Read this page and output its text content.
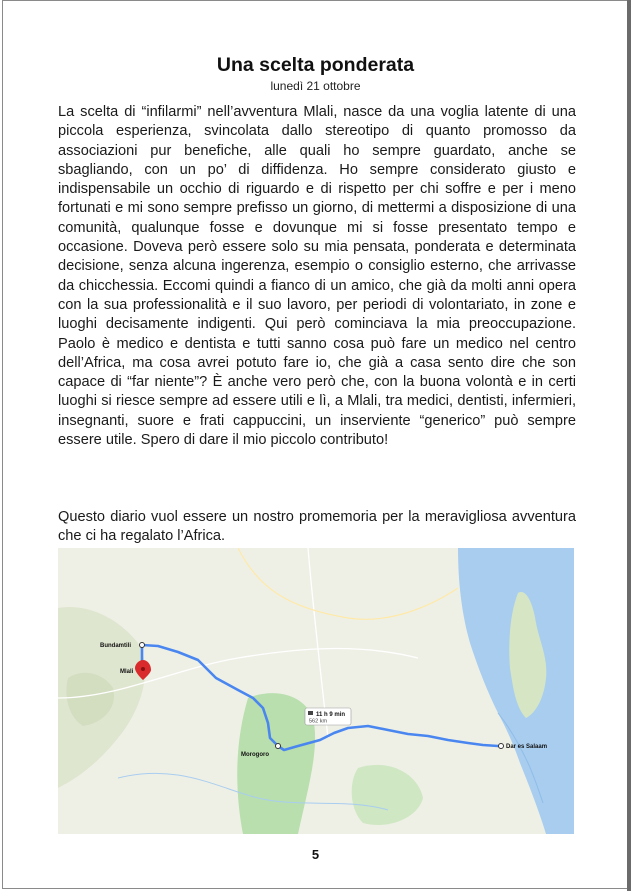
Una scelta ponderata
lunedì 21 ottobre
La scelta di “infilarmi” nell’avventura Mlali, nasce da una voglia latente di una piccola esperienza, svincolata dallo stereotipo di quanto promosso da associazioni pur benefiche, alle quali ho sempre guardato, anche se sbagliando, con un po’ di diffidenza. Ho sempre considerato giusto e indispensabile un occhio di riguardo e di rispetto per chi soffre e per i meno fortunati e mi sono sempre prefisso un giorno, di mettermi a disposizione di una comunità, qualunque fosse e dovunque mi si fosse presentato tempo e occasione. Doveva però essere solo su mia pensata, ponderata e determinata decisione, senza alcuna ingerenza, esempio o consiglio esterno, che arrivasse da chicchessia. Eccomi quindi a fianco di un amico, che già da molti anni opera con la sua professionalità e il suo lavoro, per periodi di volontariato, in zone e luoghi decisamente indigenti. Qui però cominciava la mia preoccupazione. Paolo è medico e dentista e tutti sanno cosa può fare un medico nel centro dell’Africa, ma cosa avrei potuto fare io, che già a casa sento dire che son capace di “far niente”? È anche vero però che, con la buona volontà e in certi luoghi si riesce sempre ad essere utili e lì, a Mlali, tra medici, dentisti, infermieri, insegnanti, suore e frati cappuccini, un inserviente “generico” può sempre essere utile. Spero di dare il mio piccolo contributo!
Questo diario vuol essere un nostro promemoria per la meravigliosa avventura che ci ha regalato l’Africa.
11 h 9 min
562 km
Bundamtili
Mlali
Morogoro
Dar es Salaam
5
